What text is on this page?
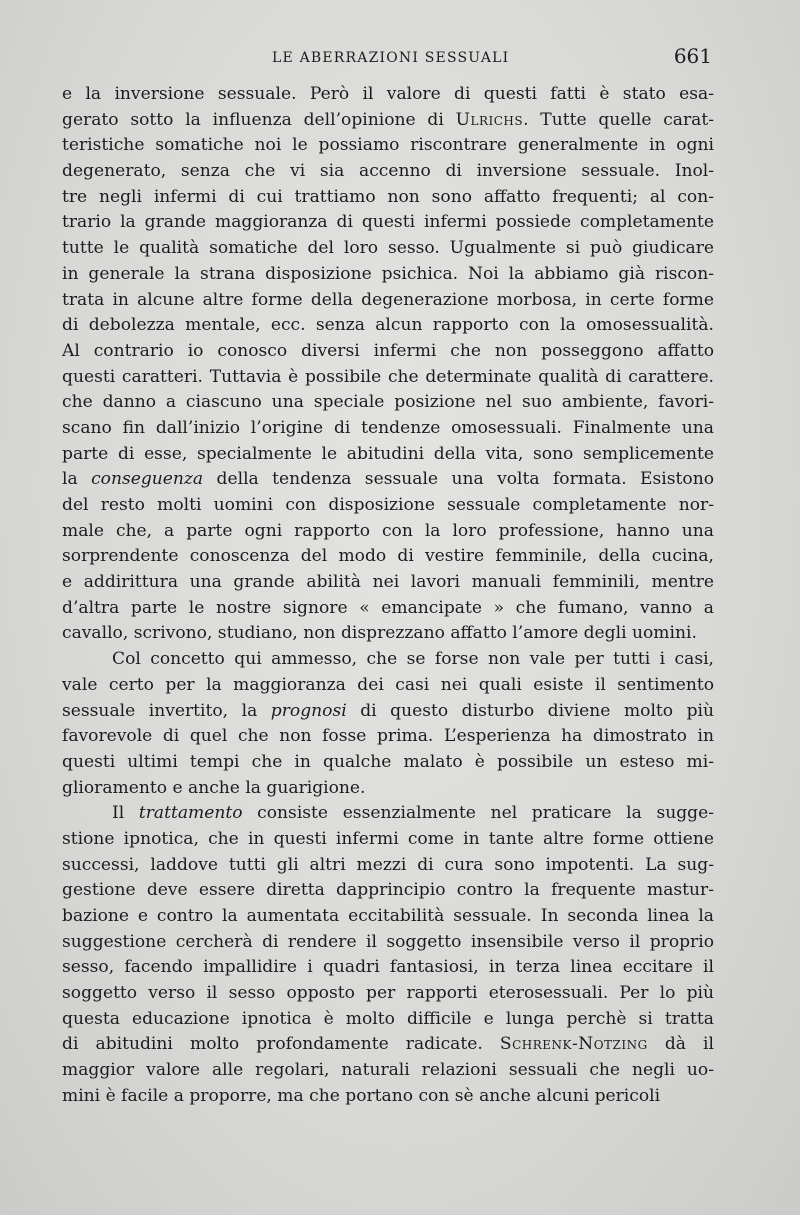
LE ABERRAZIONI SESSUALI	661
e la inversione sessuale. Però il valore di questi fatti è stato esa-
gerato sotto la influenza dell’opinione di Ulrichs. Tutte quelle carat-
teristiche somatiche noi le possiamo riscontrare generalmente in ogni
degenerato, senza che vi sia accenno di inversione sessuale. Inol-
tre negli infermi di cui trattiamo non sono affatto frequenti; al con-
trario la grande maggioranza di questi infermi possiede completamente
tutte le qualità somatiche del loro sesso. Ugualmente si può giudicare
in generale la strana disposizione psichica. Noi la abbiamo già riscon-
trata in alcune altre forme della degenerazione morbosa, in certe forme
di debolezza mentale, ecc. senza alcun rapporto con la omosessualità.
Al contrario io conosco diversi infermi che non posseggono affatto
questi caratteri. Tuttavia è possibile che determinate qualità di carattere.
che danno a ciascuno una speciale posizione nel suo ambiente, favori-
scano fin dall’inizio l’origine di tendenze omosessuali. Finalmente una
parte di esse, specialmente le abitudini della vita, sono semplicemente
la conseguenza della tendenza sessuale una volta formata. Esistono
del resto molti uomini con disposizione sessuale completamente nor-
male che, a parte ogni rapporto con la loro professione, hanno una
sorprendente conoscenza del modo di vestire femminile, della cucina,
e addirittura una grande abilità nei lavori manuali femminili, mentre
d’altra parte le nostre signore « emancipate » che fumano, vanno a
cavallo, scrivono, studiano, non disprezzano affatto l’amore degli uomini.
Col concetto qui ammesso, che se forse non vale per tutti i casi,
vale certo per la maggioranza dei casi nei quali esiste il sentimento
sessuale invertito, la prognosi di questo disturbo diviene molto più
favorevole di quel che non fosse prima. L’esperienza ha dimostrato in
questi ultimi tempi che in qualche malato è possibile un esteso mi-
glioramento e anche la guarigione.
Il trattamento consiste essenzialmente nel praticare la sugge-
stione ipnotica, che in questi infermi come in tante altre forme ottiene
successi, laddove tutti gli altri mezzi di cura sono impotenti. La sug-
gestione deve essere diretta dapprincipio contro la frequente mastur-
bazione e contro la aumentata eccitabilità sessuale. In seconda linea la
suggestione cercherà di rendere il soggetto insensibile verso il proprio
sesso, facendo impallidire i quadri fantasiosi, in terza linea eccitare il
soggetto verso il sesso opposto per rapporti eterosessuali. Per lo più
questa educazione ipnotica è molto difficile e lunga perchè si tratta
di abitudini molto profondamente radicate. Schrenk-Notzing dà il
maggior valore alle regolari, naturali relazioni sessuali che negli uo-
mini è facile a proporre, ma che portano con sè anche alcuni pericoli
